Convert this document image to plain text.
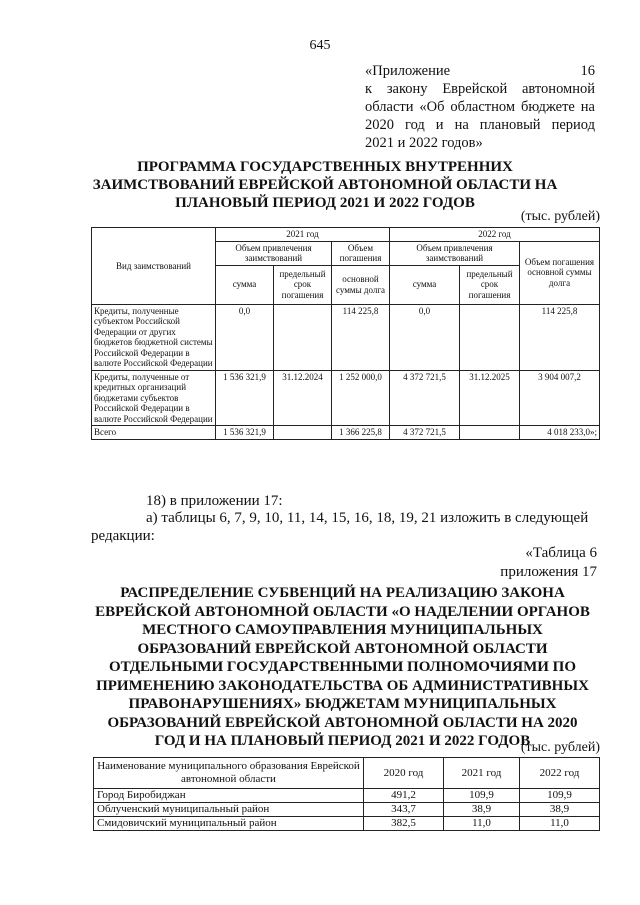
645
«Приложение 16
к закону Еврейской автономной
области «Об областном бюджете на
2020 год и на плановый период
2021 и 2022 годов»
ПРОГРАММА ГОСУДАРСТВЕННЫХ ВНУТРЕННИХ
ЗАИМСТВОВАНИЙ ЕВРЕЙСКОЙ АВТОНОМНОЙ ОБЛАСТИ НА
ПЛАНОВЫЙ ПЕРИОД 2021 И 2022 ГОДОВ
(тыс. рублей)
Вид заимствований	2021 год			2022 год		
	Объем привлечения заимствований		Объем погашения	Объем привлечения заимствований		Объем погашения основной суммы долга
	сумма	предельный срок погашения	основной суммы долга	сумма	предельный срок погашения	
Кредиты, полученные субъектом Российской Федерации от других бюджетов бюджетной системы Российской Федерации в валюте Российской Федерации	0,0		114 225,8	0,0		114 225,8
Кредиты, полученные от кредитных организаций бюджетами субъектов Российской Федерации в валюте Российской Федерации	1 536 321,9	31.12.2024	1 252 000,0	4 372 721,5	31.12.2025	3 904 007,2
Всего	1 536 321,9		1 366 225,8	4 372 721,5		4 018 233,0»;
18) в приложении 17:
а) таблицы 6, 7, 9, 10, 11, 14, 15, 16, 18, 19, 21 изложить в следующей
редакции:
«Таблица 6
приложения 17
РАСПРЕДЕЛЕНИЕ СУБВЕНЦИЙ НА РЕАЛИЗАЦИЮ ЗАКОНА
ЕВРЕЙСКОЙ АВТОНОМНОЙ ОБЛАСТИ «О НАДЕЛЕНИИ ОРГАНОВ
МЕСТНОГО САМОУПРАВЛЕНИЯ МУНИЦИПАЛЬНЫХ
ОБРАЗОВАНИЙ ЕВРЕЙСКОЙ АВТОНОМНОЙ ОБЛАСТИ
ОТДЕЛЬНЫМИ ГОСУДАРСТВЕННЫМИ ПОЛНОМОЧИЯМИ ПО
ПРИМЕНЕНИЮ ЗАКОНОДАТЕЛЬСТВА ОБ АДМИНИСТРАТИВНЫХ
ПРАВОНАРУШЕНИЯХ» БЮДЖЕТАМ МУНИЦИПАЛЬНЫХ
ОБРАЗОВАНИЙ ЕВРЕЙСКОЙ АВТОНОМНОЙ ОБЛАСТИ НА 2020
ГОД И НА ПЛАНОВЫЙ ПЕРИОД 2021 И 2022 ГОДОВ
(тыс. рублей)
Наименование муниципального образования Еврейской автономной области	2020 год	2021 год	2022 год
Город Биробиджан	491,2	109,9	109,9
Облученский муниципальный район	343,7	38,9	38,9
Смидовичский муниципальный район	382,5	11,0	11,0
